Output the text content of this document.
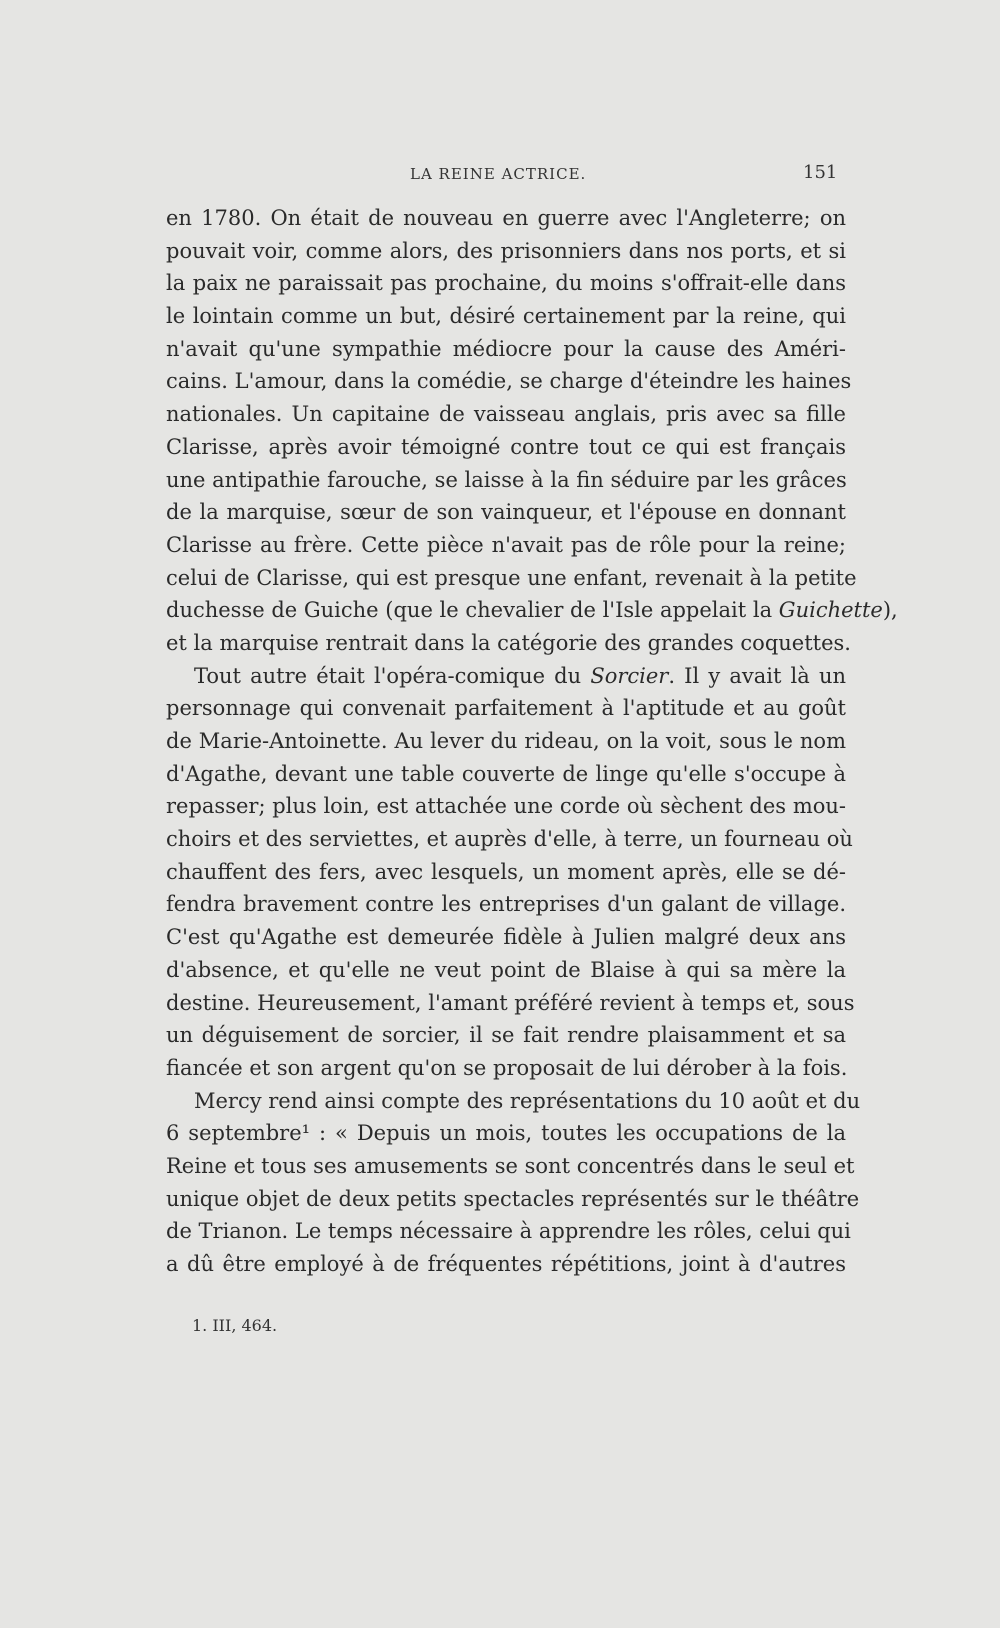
LA REINE ACTRICE.	151
en 1780. On était de nouveau en guerre avec l'Angleterre; on
pouvait voir, comme alors, des prisonniers dans nos ports, et si
la paix ne paraissait pas prochaine, du moins s'offrait-elle dans
le lointain comme un but, désiré certainement par la reine, qui
n'avait qu'une sympathie médiocre pour la cause des Améri-
cains. L'amour, dans la comédie, se charge d'éteindre les haines
nationales. Un capitaine de vaisseau anglais, pris avec sa fille
Clarisse, après avoir témoigné contre tout ce qui est français
une antipathie farouche, se laisse à la fin séduire par les grâces
de la marquise, sœur de son vainqueur, et l'épouse en donnant
Clarisse au frère. Cette pièce n'avait pas de rôle pour la reine;
celui de Clarisse, qui est presque une enfant, revenait à la petite
duchesse de Guiche (que le chevalier de l'Isle appelait la Guichette),
et la marquise rentrait dans la catégorie des grandes coquettes.
Tout autre était l'opéra-comique du Sorcier. Il y avait là un
personnage qui convenait parfaitement à l'aptitude et au goût
de Marie-Antoinette. Au lever du rideau, on la voit, sous le nom
d'Agathe, devant une table couverte de linge qu'elle s'occupe à
repasser; plus loin, est attachée une corde où sèchent des mou-
choirs et des serviettes, et auprès d'elle, à terre, un fourneau où
chauffent des fers, avec lesquels, un moment après, elle se dé-
fendra bravement contre les entreprises d'un galant de village.
C'est qu'Agathe est demeurée fidèle à Julien malgré deux ans
d'absence, et qu'elle ne veut point de Blaise à qui sa mère la
destine. Heureusement, l'amant préféré revient à temps et, sous
un déguisement de sorcier, il se fait rendre plaisamment et sa
fiancée et son argent qu'on se proposait de lui dérober à la fois.
Mercy rend ainsi compte des représentations du 10 août et du
6 septembre¹ : « Depuis un mois, toutes les occupations de la
Reine et tous ses amusements se sont concentrés dans le seul et
unique objet de deux petits spectacles représentés sur le théâtre
de Trianon. Le temps nécessaire à apprendre les rôles, celui qui
a dû être employé à de fréquentes répétitions, joint à d'autres
1. III, 464.
